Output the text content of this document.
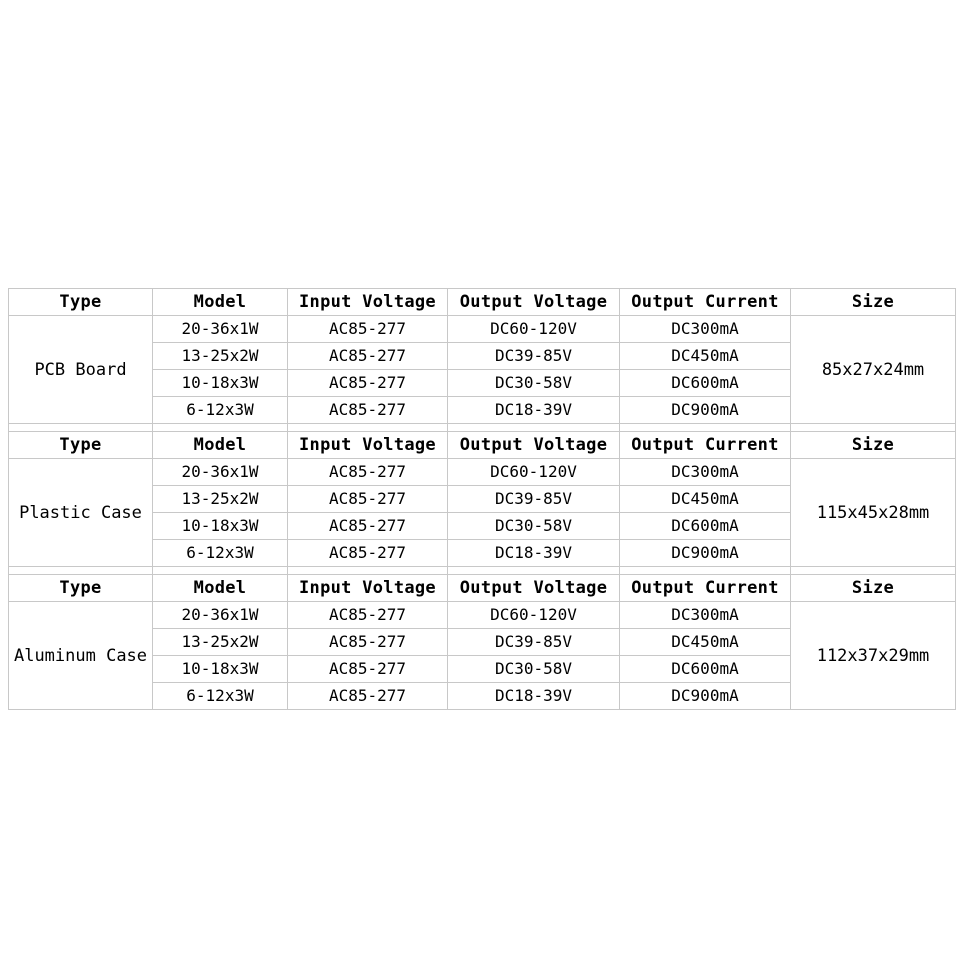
Type	Model	Input Voltage	Output Voltage	Output Current	Size
PCB Board	20-36x1W	AC85-277	DC60-120V	DC300mA	85x27x24mm
	13-25x2W	AC85-277	DC39-85V	DC450mA	
	10-18x3W	AC85-277	DC30-58V	DC600mA	
	6-12x3W	AC85-277	DC18-39V	DC900mA	

Type	Model	Input Voltage	Output Voltage	Output Current	Size
Plastic Case	20-36x1W	AC85-277	DC60-120V	DC300mA	115x45x28mm
	13-25x2W	AC85-277	DC39-85V	DC450mA	
	10-18x3W	AC85-277	DC30-58V	DC600mA	
	6-12x3W	AC85-277	DC18-39V	DC900mA	

Type	Model	Input Voltage	Output Voltage	Output Current	Size
Aluminum Case	20-36x1W	AC85-277	DC60-120V	DC300mA	112x37x29mm
	13-25x2W	AC85-277	DC39-85V	DC450mA	
	10-18x3W	AC85-277	DC30-58V	DC600mA	
	6-12x3W	AC85-277	DC18-39V	DC900mA	
